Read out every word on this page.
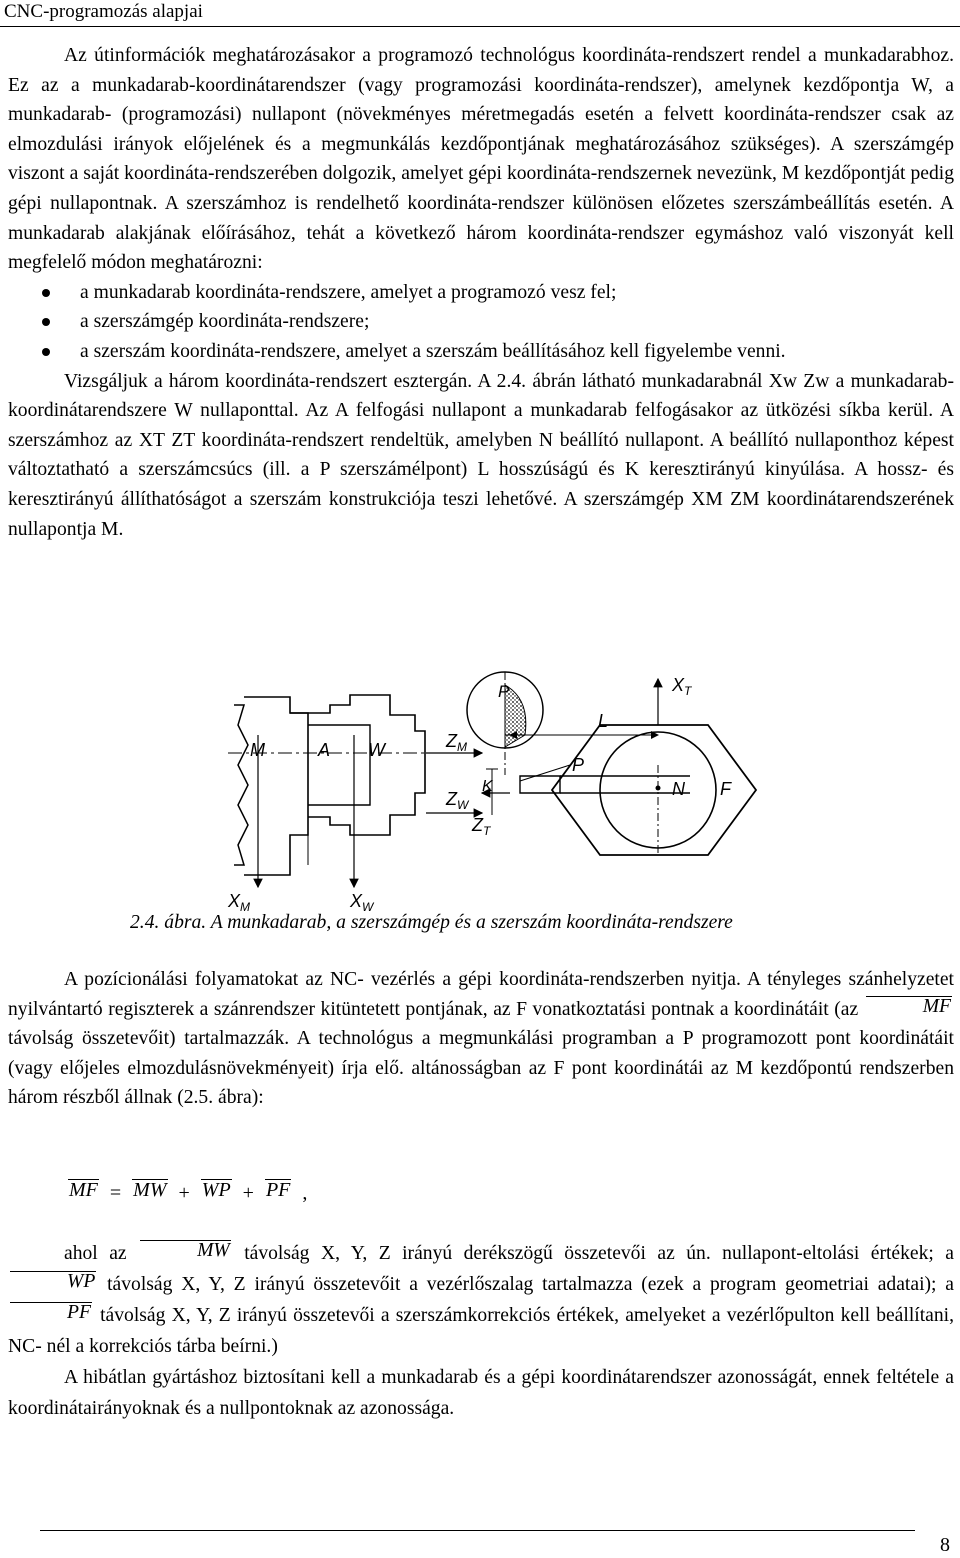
CNC-programozás alapjai

Az útinformációk meghatározásakor a programozó technológus koordináta-rendszert rendel a munkadarabhoz. Ez az a munkadarab-koordinátarendszer (vagy programozási koordináta-rendszer), amelynek kezdőpontja W, a munkadarab- (programozási) nullapont (növekményes méretmegadás esetén a felvett koordináta-rendszer csak az elmozdulási irányok előjelének és a megmunkálás kezdőpontjának meghatározásához szükséges). A szerszámgép viszont a saját koordináta-rendszerében dolgozik, amelyet gépi koordináta-rendszernek nevezünk, M kezdőpontját pedig gépi nullapontnak. A szerszámhoz is rendelhető koordináta-rendszer különösen előzetes szerszámbeállítás esetén. A munkadarab alakjának előírásához, tehát a következő három koordináta-rendszer egymáshoz való viszonyát kell megfelelő módon meghatározni:

a munkadarab koordináta-rendszere, amelyet a programozó vesz fel;
a szerszámgép koordináta-rendszere;
a szerszám koordináta-rendszere, amelyet a szerszám beállításához kell figyelembe venni.

Vizsgáljuk a három koordináta-rendszert esztergán. A 2.4. ábrán látható munkadarabnál Xw Zw a munkadarab-koordinátarendszere W nullaponttal. Az A felfogási nullapont a munkadarab felfogásakor az ütközési síkba kerül. A szerszámhoz az XT ZT koordináta-rendszert rendeltük, amelyben N beállító nullapont. A beállító nullaponthoz képest változtatható a szerszámcsúcs (ill. a P szerszámélpont) L hosszúságú és K keresztirányú kinyúlása. A hossz- és keresztirányú állíthatóságot a szerszám konstrukciója teszi lehetővé. A szerszámgép XM ZM koordinátarendszerének nullapontja M.

M	A W
P
P
L
K	N F
$X_M$	$X_W$
$X_T$
$Z_M$
$Z_W$
$Z_T$
2.4. ábra. A munkadarab, a szerszámgép és a szerszám koordináta-rendszere

A pozícionálási folyamatokat az NC- vezérlés a gépi koordináta-rendszerben nyitja. A tényleges szánhelyzetet nyilvántartó regiszterek a szánrendszer kitüntetett pontjának, az F vonatkoztatási pontnak a koordinátáit (az	MF távolság összetevőit) tartalmazzák. A technológus a megmunkálási programban a P programozott pont koordinátáit (vagy előjeles elmozdulásnövekményeit) írja elő. altánosságban az F pont koordinátái az M kezdőpontú rendszerben három részből állnak (2.5. ábra):

MF = MW + WP + PF ,

ahol az	MW távolság X, Y, Z irányú derékszögű összetevői az ún. nullapont-eltolási értékek; a WP távolság X, Y, Z irányú összetevőit a vezérlőszalag tartalmazza (ezek a program geometriai adatai); a PF távolság X, Y, Z irányú összetevői a szerszámkorrekciós értékek, amelyeket a vezérlőpulton kell beállítani, NC- nél a korrekciós tárba beírni.)

A hibátlan gyártáshoz biztosítani kell a munkadarab és a gépi koordinátarendszer azonosságát, ennek feltétele a koordinátairányoknak és a nullpontoknak az azonossága.

8
